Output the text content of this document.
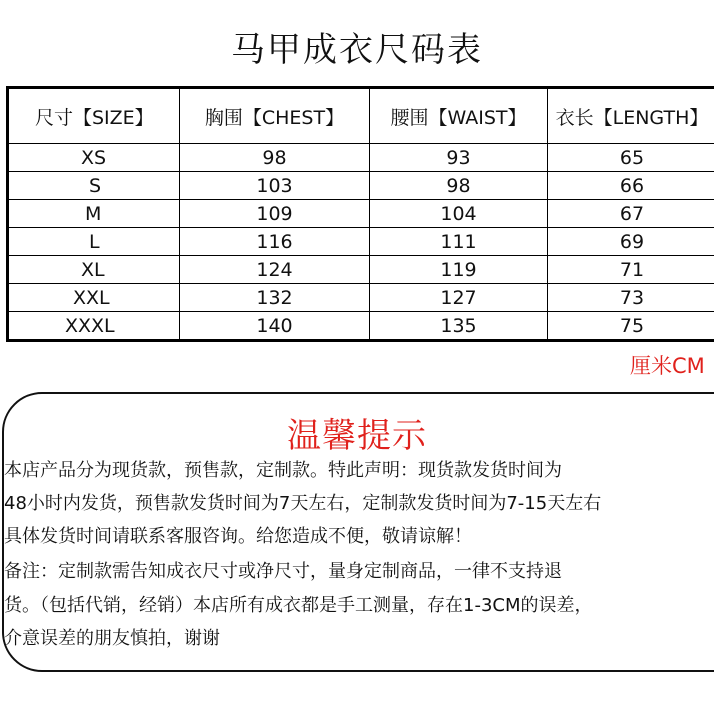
马甲成衣尺码表
尺寸【SIZE】	胸围【CHEST】	腰围【WAIST】	衣长【LENGTH】
XS	98	93	65
S	103	98	66
M	109	104	67
L	116	111	69
XL	124	119	71
XXL	132	127	73
XXXL	140	135	75
厘米CM
温馨提示
本店产品分为现货款，预售款，定制款。特此声明：现货款发货时间为
48小时内发货，预售款发货时间为7天左右，定制款发货时间为7-15天左右
具体发货时间请联系客服咨询。给您造成不便，敬请谅解！
备注：定制款需告知成衣尺寸或净尺寸，量身定制商品，一律不支持退
货。（包括代销，经销）本店所有成衣都是手工测量，存在1-3CM的误差，
介意误差的朋友慎拍，谢谢
